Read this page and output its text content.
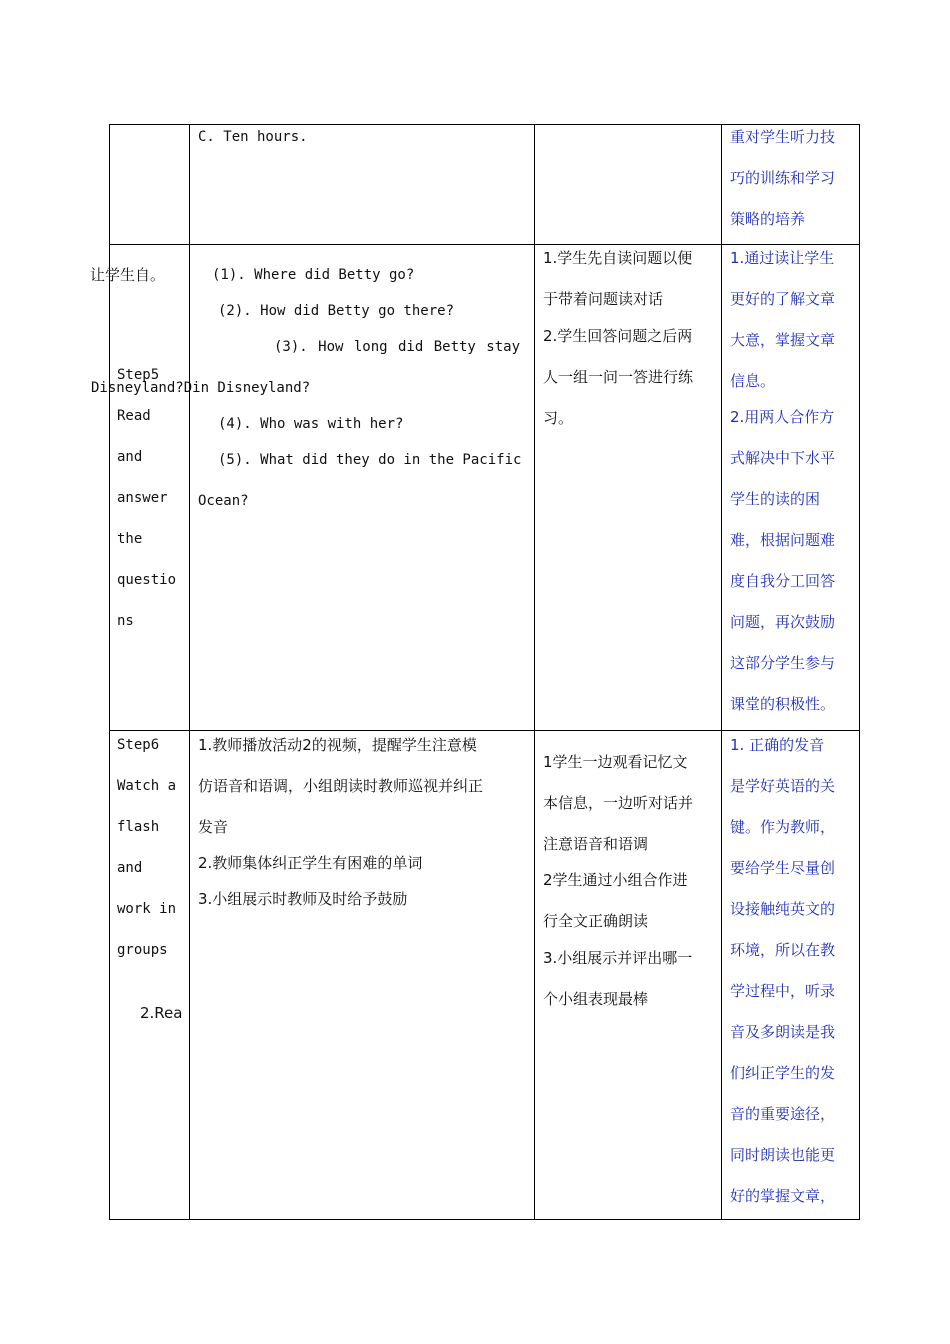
让学生自。
C. Ten hours.	重对学生听力技
巧的训练和学习
策略的培养
Step5
Read
and
answer
the
questio
ns
Disneyland?Din Disneyland?
(1). Where did Betty go?
(2). How did Betty go there?
(3). How long did Betty stay
(4). Who was with her?
(5). What did they do in the Pacific
Ocean?
1.学生先自读问题以便
于带着问题读对话
2.学生回答问题之后两
人一组一问一答进行练
习。
1.通过读让学生
更好的了解文章
大意，掌握文章
信息。
2.用两人合作方
式解决中下水平
学生的读的困
难，根据问题难
度自我分工回答
问题，再次鼓励
这部分学生参与
课堂的积极性。
Step6
Watch a
flash
and
work in
groups
2.Rea
1.教师播放活动2的视频，提醒学生注意模
仿语音和语调，小组朗读时教师巡视并纠正
发音
2.教师集体纠正学生有困难的单词
3.小组展示时教师及时给予鼓励
1学生一边观看记忆文
本信息，一边听对话并
注意语音和语调
2学生通过小组合作进
行全文正确朗读
3.小组展示并评出哪一
个小组表现最棒
1. 正确的发音
是学好英语的关
键。作为教师，
要给学生尽量创
设接触纯英文的
环境，所以在教
学过程中，听录
音及多朗读是我
们纠正学生的发
音的重要途径，
同时朗读也能更
好的掌握文章，
